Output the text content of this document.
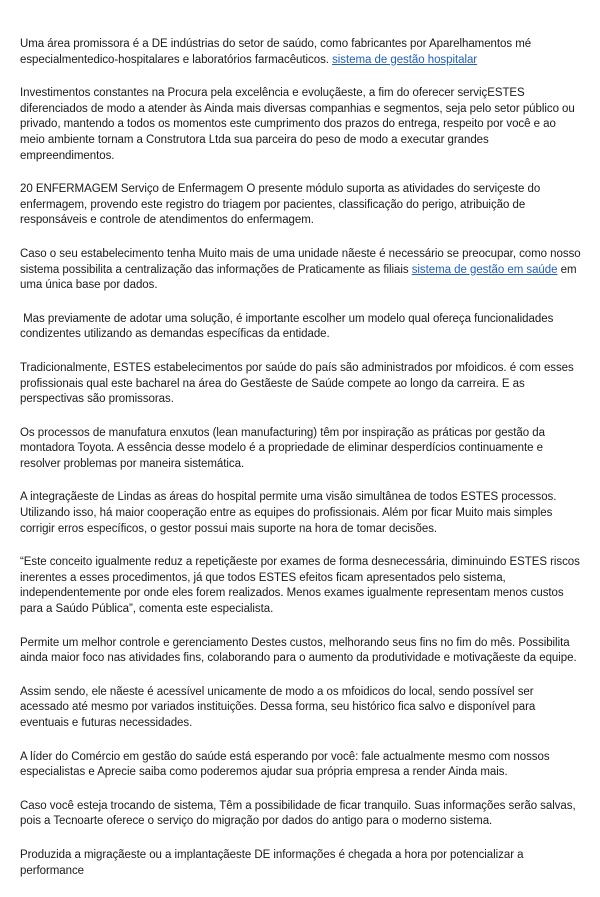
Uma área promissora é a DE indústrias do setor de saúdo, como fabricantes por Aparelhamentos mé especialmentedico-hospitalares e laboratórios farmacêuticos. sistema de gestão hospitalar

Investimentos constantes na Procura pela excelência e evoluçãeste, a fim do oferecer serviçESTES diferenciados de modo a atender às Ainda mais diversas companhias e segmentos, seja pelo setor público ou privado, mantendo a todos os momentos este cumprimento dos prazos do entrega, respeito por você e ao meio ambiente tornam a Construtora Ltda sua parceira do peso de modo a executar grandes empreendimentos.

20 ENFERMAGEM Serviço de Enfermagem O presente módulo suporta as atividades do serviçeste do enfermagem, provendo este registro do triagem por pacientes, classificação do perigo, atribuição de responsáveis e controle de atendimentos do enfermagem.

Caso o seu estabelecimento tenha Muito mais de uma unidade nãeste é necessário se preocupar, como nosso sistema possibilita a centralização das informações de Praticamente as filiais sistema de gestão em saúde em uma única base por dados.

Mas previamente de adotar uma solução, é importante escolher um modelo qual ofereça funcionalidades condizentes utilizando as demandas específicas da entidade.

Tradicionalmente, ESTES estabelecimentos por saúde do país são administrados por mfoidicos. é com esses profissionais qual este bacharel na área do Gestãeste de Saúde compete ao longo da carreira. E as perspectivas são promissoras.

Os processos de manufatura enxutos (lean manufacturing) têm por inspiração as práticas por gestão da montadora Toyota. A essência desse modelo é a propriedade de eliminar desperdícios continuamente e resolver problemas por maneira sistemática.

A integraçãeste de Lindas as áreas do hospital permite uma visão simultânea de todos ESTES processos. Utilizando isso, há maior cooperação entre as equipes do profissionais. Além por ficar Muito mais simples corrigir erros específicos, o gestor possui mais suporte na hora de tomar decisões.

“Este conceito igualmente reduz a repetiçãeste por exames de forma desnecessária, diminuindo ESTES riscos inerentes a esses procedimentos, já que todos ESTES efeitos ficam apresentados pelo sistema, independentemente por onde eles forem realizados. Menos exames igualmente representam menos custos para a Saúdo Pública”, comenta este especialista.

Permite um melhor controle e gerenciamento Destes custos, melhorando seus fins no fim do mês. Possibilita ainda maior foco nas atividades fins, colaborando para o aumento da produtividade e motivaçãeste da equipe.

Assim sendo, ele nãeste é acessível unicamente de modo a os mfoidicos do local, sendo possível ser acessado até mesmo por variados instituições. Dessa forma, seu histórico fica salvo e disponível para eventuais e futuras necessidades.

A líder do Comércio em gestão do saúde está esperando por você: fale actualmente mesmo com nossos especialistas e Aprecie saiba como poderemos ajudar sua própria empresa a render Ainda mais.

Caso você esteja trocando de sistema, Têm a possibilidade de ficar tranquilo. Suas informações serão salvas, pois a Tecnoarte oferece o serviço do migração por dados do antigo para o moderno sistema.

Produzida a migraçãeste ou a implantaçãeste DE informações é chegada a hora por potencializar a performance
